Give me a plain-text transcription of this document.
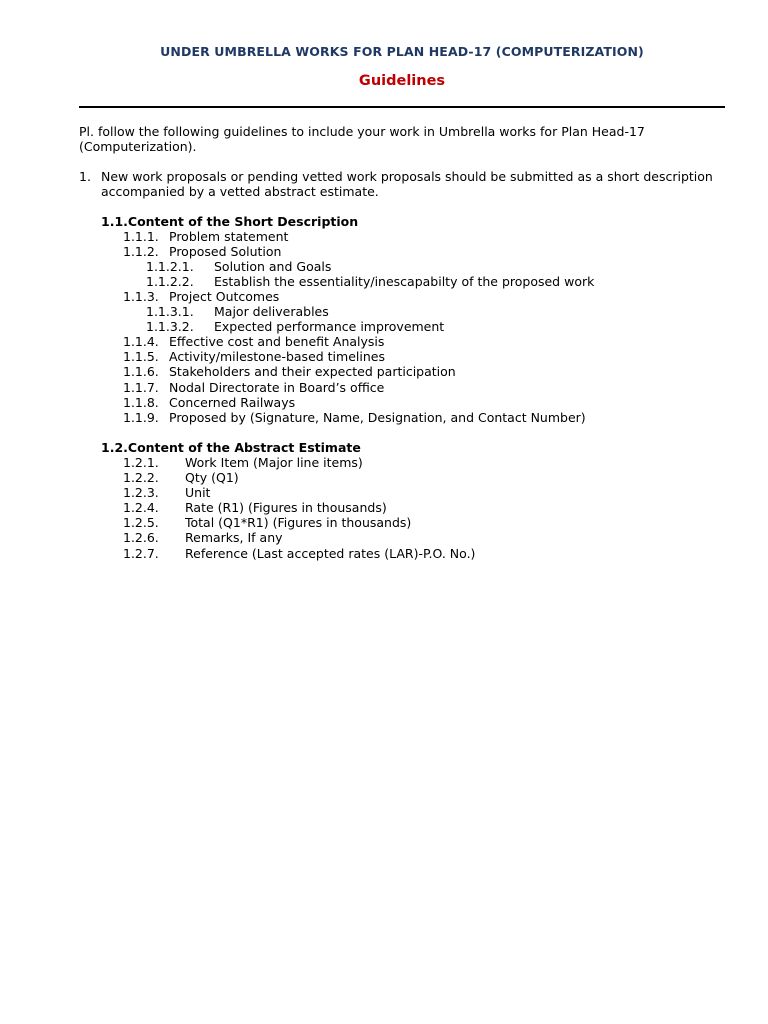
UNDER UMBRELLA WORKS FOR PLAN HEAD-17 (COMPUTERIZATION)
Guidelines
Pl. follow the following guidelines to include your work in Umbrella works for Plan Head-17
(Computerization).
1. New work proposals or pending vetted work proposals should be submitted as a short description
accompanied by a vetted abstract estimate.
1.1.Content of the Short Description
1.1.1. Problem statement
1.1.2. Proposed Solution
1.1.2.1. Solution and Goals
1.1.2.2. Establish the essentiality/inescapabilty of the proposed work
1.1.3. Project Outcomes
1.1.3.1. Major deliverables
1.1.3.2. Expected performance improvement
1.1.4. Effective cost and benefit Analysis
1.1.5. Activity/milestone-based timelines
1.1.6. Stakeholders and their expected participation
1.1.7. Nodal Directorate in Board’s office
1.1.8. Concerned Railways
1.1.9. Proposed by (Signature, Name, Designation, and Contact Number)
1.2.Content of the Abstract Estimate
1.2.1. Work Item (Major line items)
1.2.2. Qty (Q1)
1.2.3. Unit
1.2.4. Rate (R1) (Figures in thousands)
1.2.5. Total (Q1*R1) (Figures in thousands)
1.2.6. Remarks, If any
1.2.7. Reference (Last accepted rates (LAR)-P.O. No.)
